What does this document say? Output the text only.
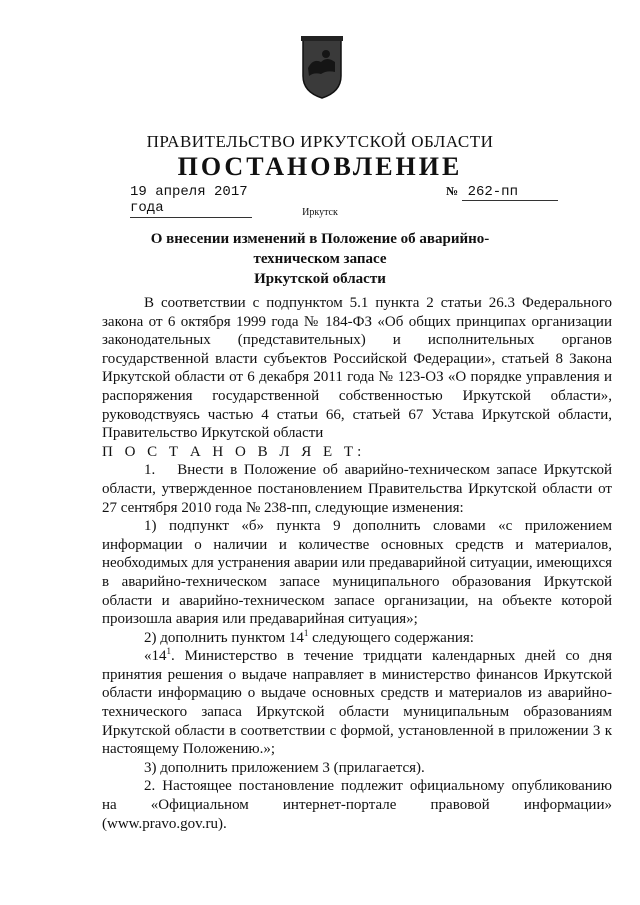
ПРАВИТЕЛЬСТВО ИРКУТСКОЙ ОБЛАСТИ
ПОСТАНОВЛЕНИЕ
19 апреля 2017 года
№ 262-пп
Иркутск
О внесении изменений в Положение об аварийно-техническом запасе
Иркутской области

В соответствии с подпунктом 5.1 пункта 2 статьи 26.3 Федерального закона от 6 октября 1999 года № 184-ФЗ «Об общих принципах организации законодательных (представительных) и исполнительных органов государственной власти субъектов Российской Федерации», статьей 8 Закона Иркутской области от 6 декабря 2011 года № 123-ОЗ «О порядке управления и распоряжения государственной собственностью Иркутской области», руководствуясь частью 4 статьи 66, статьей 67 Устава Иркутской области, Правительство Иркутской области

П О С Т А Н О В Л Я Е Т:

1. Внести в Положение об аварийно-техническом запасе Иркутской области, утвержденное постановлением Правительства Иркутской области от 27 сентября 2010 года № 238-пп, следующие изменения:

1) подпункт «б» пункта 9 дополнить словами «с приложением информации о наличии и количестве основных средств и материалов, необходимых для устранения аварии или предаварийной ситуации, имеющихся в аварийно-техническом запасе муниципального образования Иркутской области и аварийно-техническом запасе организации, на объекте которой произошла авария или предаварийная ситуация»;

2) дополнить пунктом $14^1$ следующего содержания:

«$14^1$. Министерство в течение тридцати календарных дней со дня принятия решения о выдаче направляет в министерство финансов Иркутской области информацию о выдаче основных средств и материалов из аварийно-технического запаса Иркутской области муниципальным образованиям Иркутской области в соответствии с формой, установленной в приложении 3 к настоящему Положению.»;

3) дополнить приложением 3 (прилагается).

2. Настоящее постановление подлежит официальному опубликованию на «Официальном интернет-портале правовой информации» (www.pravo.gov.ru).
